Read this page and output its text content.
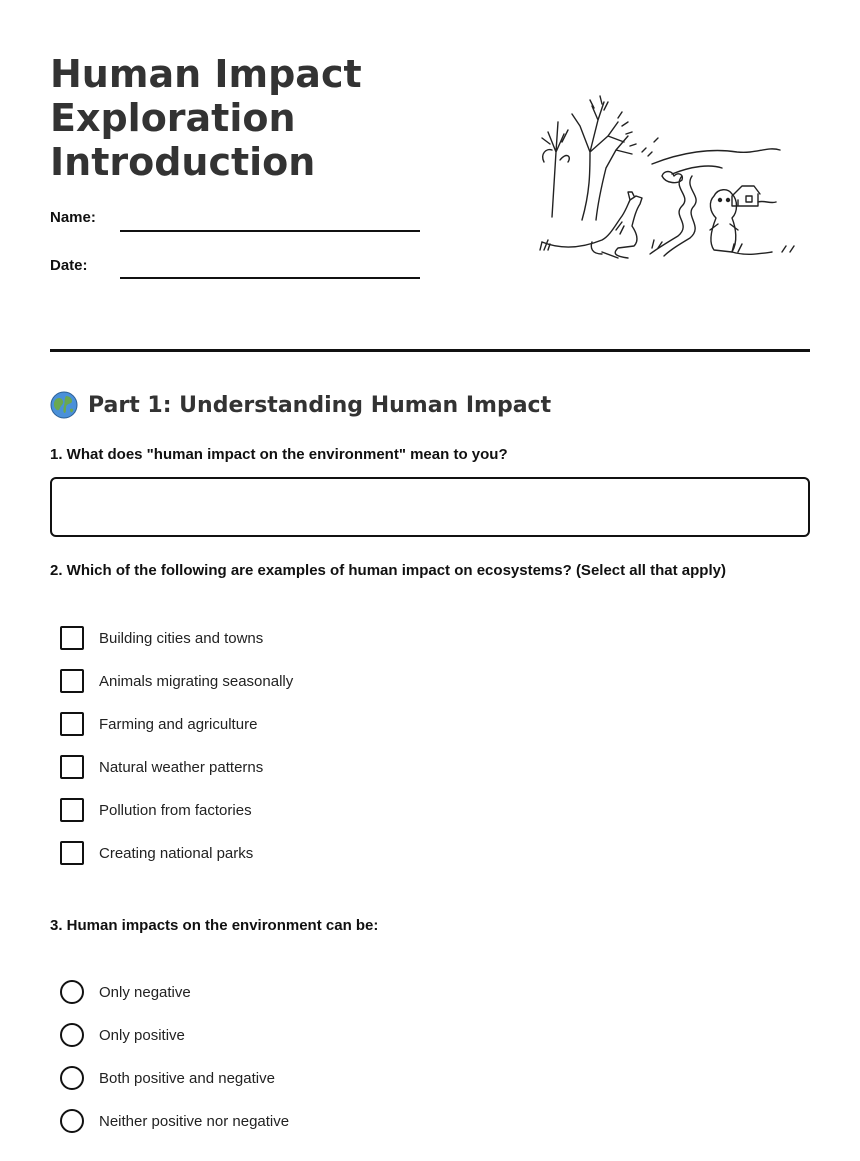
Human Impact
Exploration
Introduction
Name:
Date:
Part 1: Understanding Human Impact
1. What does "human impact on the environment" mean to you?
2. Which of the following are examples of human impact on ecosystems? (Select all that apply)
Building cities and towns
Animals migrating seasonally
Farming and agriculture
Natural weather patterns
Pollution from factories
Creating national parks
3. Human impacts on the environment can be:
Only negative
Only positive
Both positive and negative
Neither positive nor negative
